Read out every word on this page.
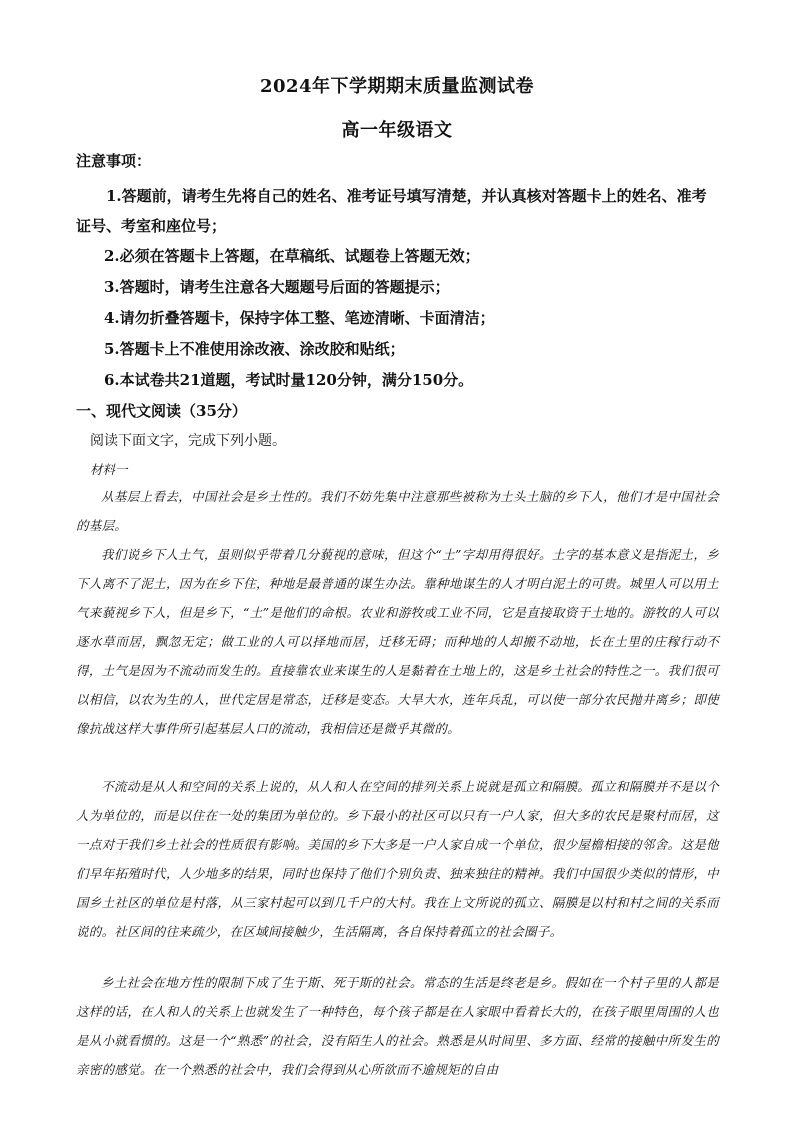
2024年下学期期末质量监测试卷
高一年级语文
注意事项：
1.答题前，请考生先将自己的姓名、准考证号填写清楚，并认真核对答题卡上的姓名、准考证号、考室和座位号；
2.必须在答题卡上答题，在草稿纸、试题卷上答题无效；
3.答题时，请考生注意各大题题号后面的答题提示；
4.请勿折叠答题卡，保持字体工整、笔迹清晰、卡面清洁；
5.答题卡上不准使用涂改液、涂改胶和贴纸；
6.本试卷共21道题，考试时量120分钟，满分150分。
一、现代文阅读（35分）
阅读下面文字，完成下列小题。
材料一
从基层上看去，中国社会是乡土性的。我们不妨先集中注意那些被称为土头土脑的乡下人，他们才是中国社会的基层。
我们说乡下人土气，虽则似乎带着几分藐视的意味，但这个“土”字却用得很好。土字的基本意义是指泥土，乡下人离不了泥土，因为在乡下住，种地是最普通的谋生办法。靠种地谋生的人才明白泥土的可贵。城里人可以用土气来藐视乡下人，但是乡下，“土”是他们的命根。农业和游牧或工业不同，它是直接取资于土地的。游牧的人可以逐水草而居，飘忽无定；做工业的人可以择地而居，迁移无碍；而种地的人却搬不动地，长在土里的庄稼行动不得，土气是因为不流动而发生的。直接靠农业来谋生的人是黏着在土地上的，这是乡土社会的特性之一。我们很可以相信，以农为生的人，世代定居是常态，迁移是变态。大旱大水，连年兵乱，可以使一部分农民抛井离乡；即使像抗战这样大事件所引起基层人口的流动，我相信还是微乎其微的。
不流动是从人和空间的关系上说的，从人和人在空间的排列关系上说就是孤立和隔膜。孤立和隔膜并不是以个人为单位的，而是以住在一处的集团为单位的。乡下最小的社区可以只有一户人家，但大多的农民是聚村而居，这一点对于我们乡土社会的性质很有影响。美国的乡下大多是一户人家自成一个单位，很少屋檐相接的邻舍。这是他们早年拓殖时代，人少地多的结果，同时也保持了他们个别负责、独来独往的精神。我们中国很少类似的情形，中国乡土社区的单位是村落，从三家村起可以到几千户的大村。我在上文所说的孤立、隔膜是以村和村之间的关系而说的。社区间的往来疏少，在区域间接触少，生活隔离，各自保持着孤立的社会圈子。
乡土社会在地方性的限制下成了生于斯、死于斯的社会。常态的生活是终老是乡。假如在一个村子里的人都是这样的话，在人和人的关系上也就发生了一种特色，每个孩子都是在人家眼中看着长大的，在孩子眼里周围的人也是从小就看惯的。这是一个“熟悉”的社会，没有陌生人的社会。熟悉是从时间里、多方面、经常的接触中所发生的亲密的感觉。在一个熟悉的社会中，我们会得到从心所欲而不逾规矩的自由
